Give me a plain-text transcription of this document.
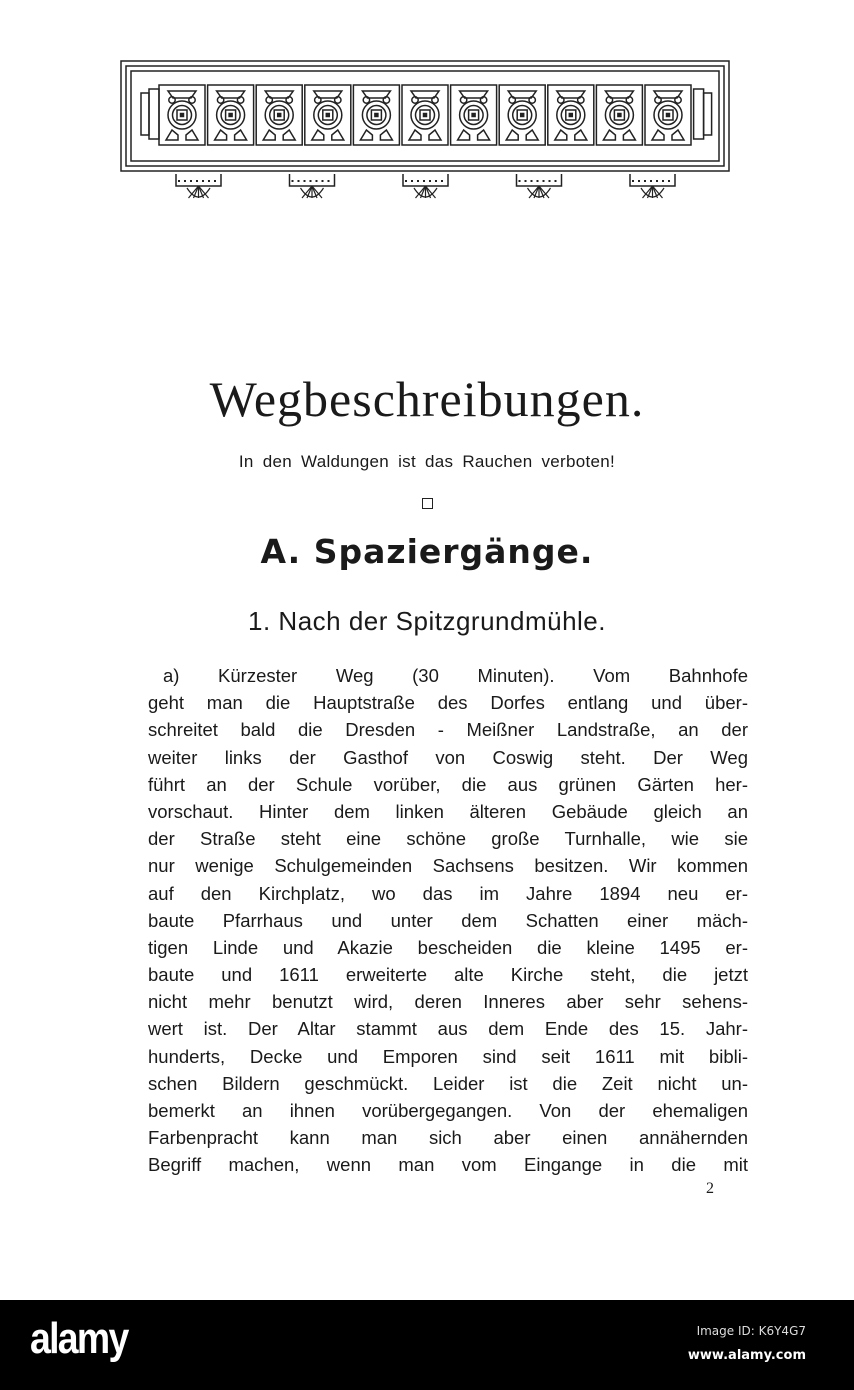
Wegbeschreibungen.
In den Waldungen ist das Rauchen verboten!
A. Spaziergänge.
1. Nach der Spitzgrundmühle.
a) Kürzester Weg (30 Minuten). Vom Bahnhofe
geht man die Hauptstraße des Dorfes entlang und über-
schreitet bald die Dresden - Meißner Landstraße, an der
weiter links der Gasthof von Coswig steht. Der Weg
führt an der Schule vorüber, die aus grünen Gärten her-
vorschaut. Hinter dem linken älteren Gebäude gleich an
der Straße steht eine schöne große Turnhalle, wie sie
nur wenige Schulgemeinden Sachsens besitzen. Wir kommen
auf den Kirchplatz, wo das im Jahre 1894 neu er-
baute Pfarrhaus und unter dem Schatten einer mäch-
tigen Linde und Akazie bescheiden die kleine 1495 er-
baute und 1611 erweiterte alte Kirche steht, die jetzt
nicht mehr benutzt wird, deren Inneres aber sehr sehens-
wert ist. Der Altar stammt aus dem Ende des 15. Jahr-
hunderts, Decke und Emporen sind seit 1611 mit bibli-
schen Bildern geschmückt. Leider ist die Zeit nicht un-
bemerkt an ihnen vorübergegangen. Von der ehemaligen
Farbenpracht kann man sich aber einen annähernden
Begriff machen, wenn man vom Eingange in die mit
2
alamy	Image ID: K6Y4G7
www.alamy.com
